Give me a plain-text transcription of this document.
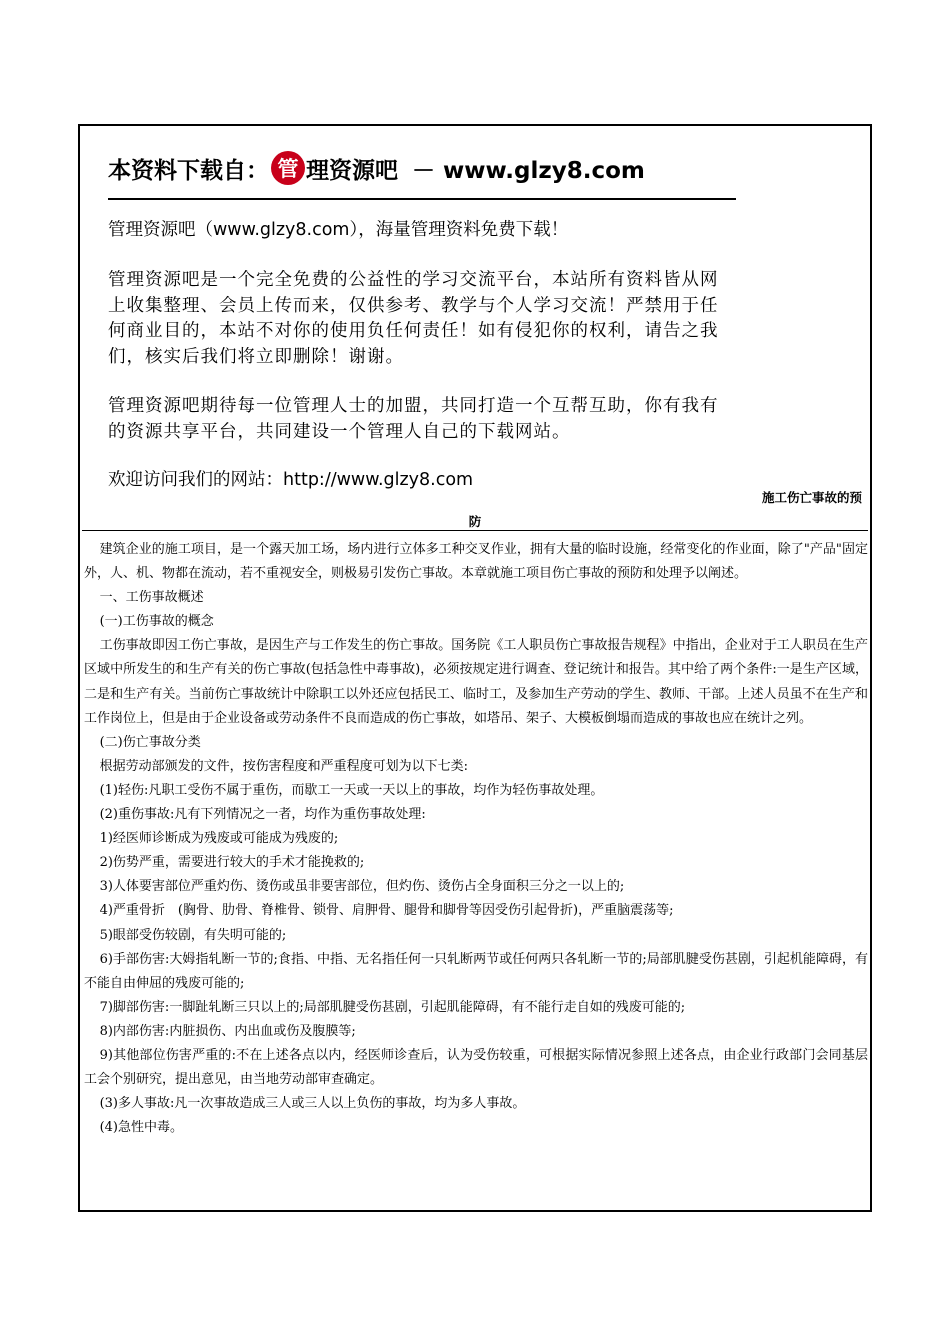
本资料下载自： 管 理资源吧 － www.glzy8.com

管理资源吧（www.glzy8.com），海量管理资料免费下载！

管理资源吧是一个完全免费的公益性的学习交流平台，本站所有资料皆从网上收集整理、会员上传而来，仅供参考、教学与个人学习交流！严禁用于任何商业目的，本站不对你的使用负任何责任！如有侵犯你的权利，请告之我们，核实后我们将立即删除！谢谢。

管理资源吧期待每一位管理人士的加盟，共同打造一个互帮互助，你有我有的资源共享平台，共同建设一个管理人自己的下载网站。

欢迎访问我们的网站：http://www.glzy8.com

施工伤亡事故的预
防

建筑企业的施工项目，是一个露天加工场，场内进行立体多工种交叉作业，拥有大量的临时设施，经常变化的作业面，除了"产品"固定外，人、机、物都在流动，若不重视安全，则极易引发伤亡事故。本章就施工项目伤亡事故的预防和处理予以阐述。

一、工伤事故概述

(一)工伤事故的概念

工伤事故即因工伤亡事故，是因生产与工作发生的伤亡事故。国务院《工人职员伤亡事故报告规程》中指出，企业对于工人职员在生产区域中所发生的和生产有关的伤亡事故(包括急性中毒事故)，必须按规定进行调查、登记统计和报告。其中给了两个条件:一是生产区域，二是和生产有关。当前伤亡事故统计中除职工以外还应包括民工、临时工，及参加生产劳动的学生、教师、干部。上述人员虽不在生产和工作岗位上，但是由于企业设备或劳动条件不良而造成的伤亡事故，如塔吊、架子、大模板倒塌而造成的事故也应在统计之列。

(二)伤亡事故分类

根据劳动部颁发的文件，按伤害程度和严重程度可划为以下七类:

(1)轻伤:凡职工受伤不属于重伤，而歇工一天或一天以上的事故，均作为轻伤事故处理。

(2)重伤事故:凡有下列情况之一者，均作为重伤事故处理:

1)经医师诊断成为残废或可能成为残废的;

2)伤势严重，需要进行较大的手术才能挽救的;

3)人体要害部位严重灼伤、烫伤或虽非要害部位，但灼伤、烫伤占全身面积三分之一以上的;

4)严重骨折　(胸骨、肋骨、脊椎骨、锁骨、肩胛骨、腿骨和脚骨等因受伤引起骨折)，严重脑震荡等;

5)眼部受伤较剧，有失明可能的;

6)手部伤害:大姆指轧断一节的;食指、中指、无名指任何一只轧断两节或任何两只各轧断一节的;局部肌腱受伤甚剧，引起机能障碍，有不能自由伸屈的残废可能的;

7)脚部伤害:一脚趾轧断三只以上的;局部肌腱受伤甚剧，引起肌能障碍，有不能行走自如的残废可能的;

8)内部伤害:内脏损伤、内出血或伤及腹膜等;

9)其他部位伤害严重的:不在上述各点以内，经医师诊查后，认为受伤较重，可根据实际情况参照上述各点，由企业行政部门会同基层工会个别研究，提出意见，由当地劳动部审查确定。

(3)多人事故:凡一次事故造成三人或三人以上负伤的事故，均为多人事故。

(4)急性中毒。
